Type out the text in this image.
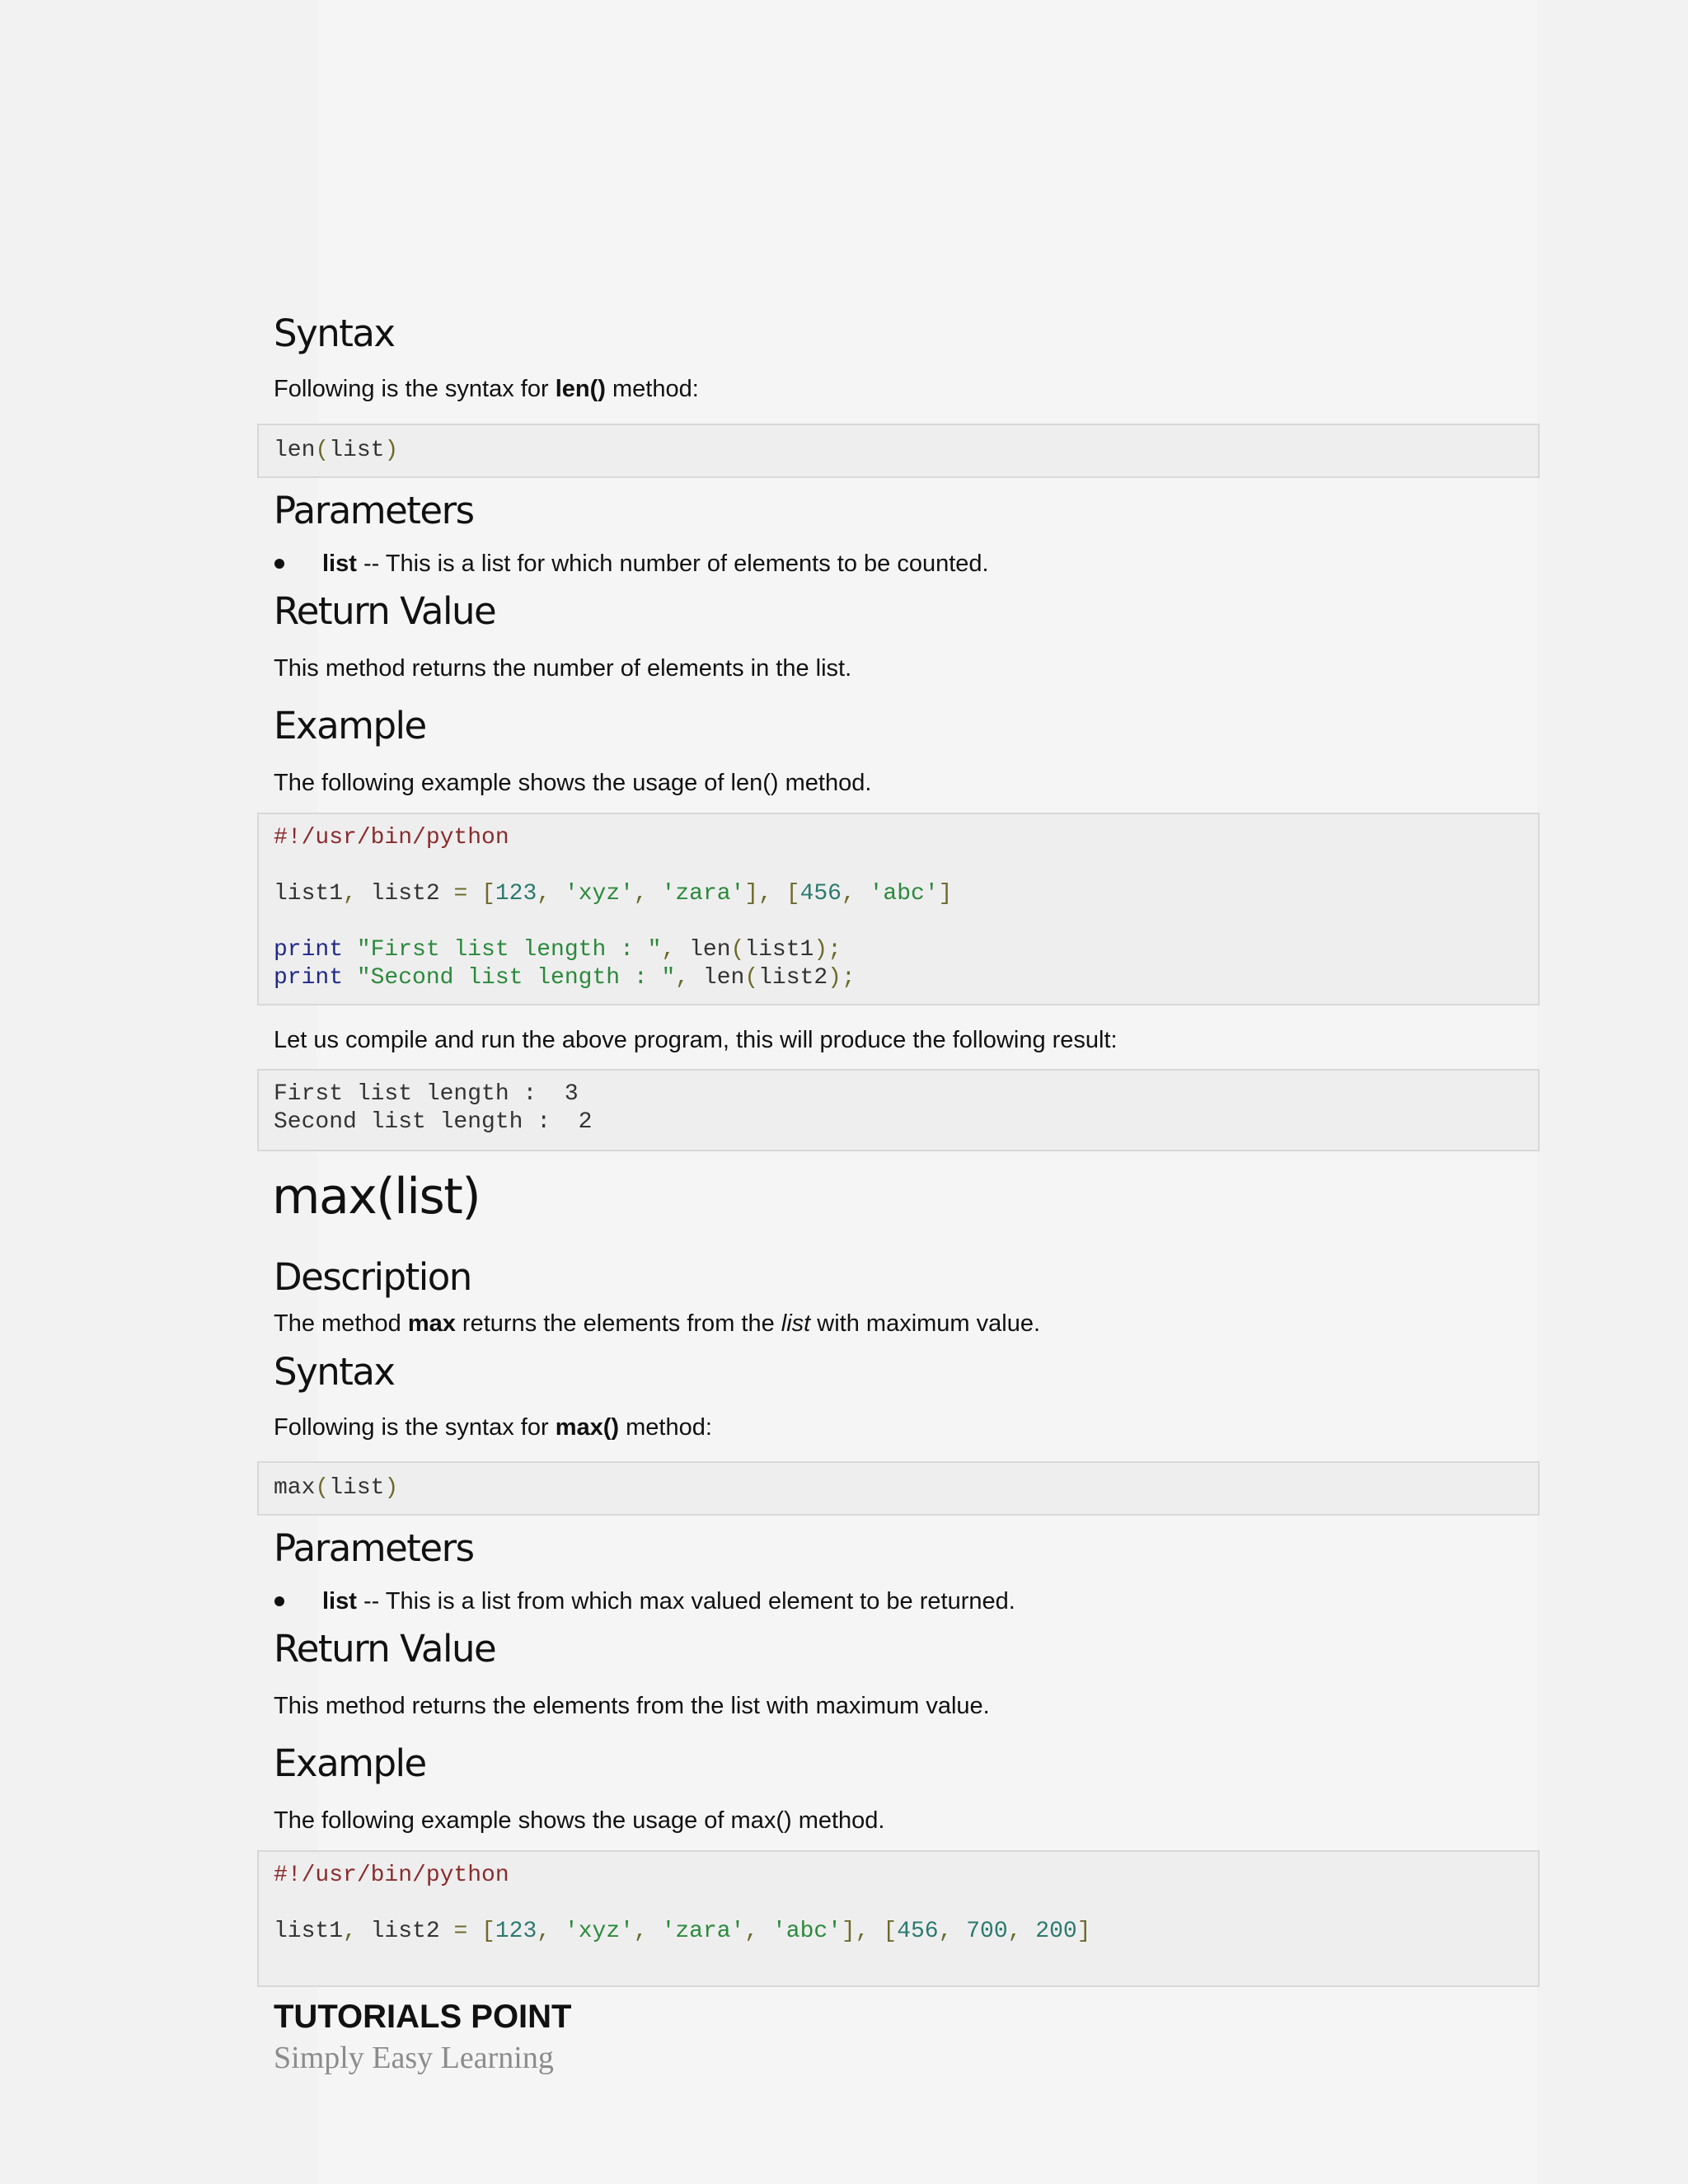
Syntax
Following is the syntax for len() method:
len(list)
Parameters
list -- This is a list for which number of elements to be counted.
Return Value
This method returns the number of elements in the list.
Example
The following example shows the usage of len() method.
#!/usr/bin/python
list1, list2 = [123, 'xyz', 'zara'], [456, 'abc']
print "First list length : ", len(list1);
print "Second list length : ", len(list2);
Let us compile and run the above program, this will produce the following result:
First list length :  3
Second list length :  2
max(list)
Description
The method max returns the elements from the list with maximum value.
Syntax
Following is the syntax for max() method:
max(list)
Parameters
list -- This is a list from which max valued element to be returned.
Return Value
This method returns the elements from the list with maximum value.
Example
The following example shows the usage of max() method.
#!/usr/bin/python
list1, list2 = [123, 'xyz', 'zara', 'abc'], [456, 700, 200]
TUTORIALS POINT
Simply Easy Learning
